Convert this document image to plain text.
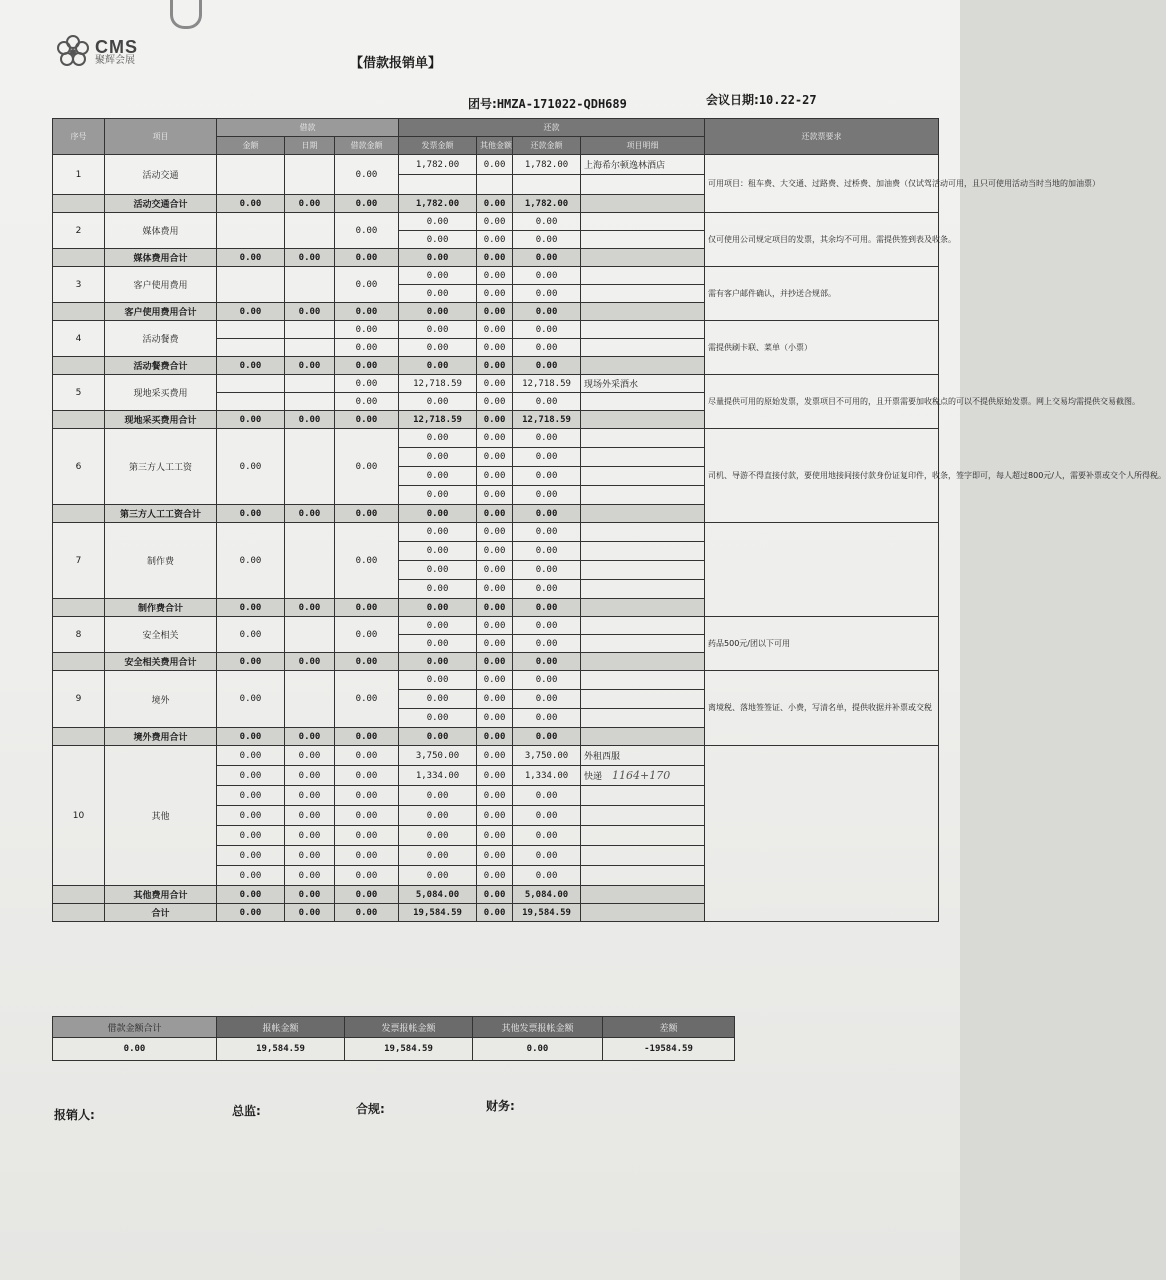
CMS
聚辉会展	【借款报销单】
团号:HMZA-171022-QDH689	会议日期:10.22-27
序号	项目	借款			还款				还款票要求
		金额	日期	借款金额	发票金额	其他金额	还款金额	项目明细	
1	活动交通			0.00	1,782.00	0.00	1,782.00	上海希尔顿逸林酒店	可用项目：租车费、大交通、过路费、过桥费、加油费（仅试驾活动可用，且只可使用活动当时当地的加油票）

	活动交通合计	0.00	0.00	0.00	1,782.00	0.00	1,782.00		
2	媒体费用			0.00	0.00	0.00	0.00		仅可使用公司规定项目的发票，其余均不可用。需提供签到表及收条。
					0.00	0.00	0.00		
	媒体费用合计	0.00	0.00	0.00	0.00	0.00	0.00		
3	客户使用费用			0.00	0.00	0.00	0.00		需有客户邮件确认，并抄送合规部。
					0.00	0.00	0.00		
	客户使用费用合计	0.00	0.00	0.00	0.00	0.00	0.00		
4	活动餐费			0.00	0.00	0.00	0.00		需提供刷卡联、菜单（小票）
				0.00	0.00	0.00	0.00		
	活动餐费合计	0.00	0.00	0.00	0.00	0.00	0.00		
5	现地采买费用			0.00	12,718.59	0.00	12,718.59	现场外采酒水	尽量提供可用的原始发票，发票项目不可用的，且开票需要加收税点的可以不提供原始发票。网上交易均需提供交易截图。
				0.00	0.00	0.00	0.00		
	现地采买费用合计	0.00	0.00	0.00	12,718.59	0.00	12,718.59		
6	第三方人工工资	0.00		0.00	0.00	0.00	0.00		司机、导游不得直接付款，要使用地接间接付款身份证复印件，收条，签字即可，每人超过800元/人，需要补票或交个人所得税。
					0.00	0.00	0.00		
					0.00	0.00	0.00		
					0.00	0.00	0.00		
	第三方人工工资合计	0.00	0.00	0.00	0.00	0.00	0.00		
7	制作费	0.00		0.00	0.00	0.00	0.00		
					0.00	0.00	0.00		
					0.00	0.00	0.00		
					0.00	0.00	0.00		
	制作费合计	0.00	0.00	0.00	0.00	0.00	0.00		
8	安全相关	0.00		0.00	0.00	0.00	0.00		药品500元/团以下可用
					0.00	0.00	0.00		
	安全相关费用合计	0.00	0.00	0.00	0.00	0.00	0.00		
9	境外	0.00		0.00	0.00	0.00	0.00		离境税、落地签签证、小费，写清名单，提供收据并补票或交税
					0.00	0.00	0.00		
					0.00	0.00	0.00		
	境外费用合计	0.00	0.00	0.00	0.00	0.00	0.00		
10	其他	0.00	0.00	0.00	3,750.00	0.00	3,750.00	外租西服	
		0.00	0.00	0.00	1,334.00	0.00	1,334.00	快递 1164+170	
		0.00	0.00	0.00	0.00	0.00	0.00		
		0.00	0.00	0.00	0.00	0.00	0.00		
		0.00	0.00	0.00	0.00	0.00	0.00		
		0.00	0.00	0.00	0.00	0.00	0.00		
		0.00	0.00	0.00	0.00	0.00	0.00		
	其他费用合计	0.00	0.00	0.00	5,084.00	0.00	5,084.00		
	合计	0.00	0.00	0.00	19,584.59	0.00	19,584.59		
借款金额合计	报帐金额	发票报帐金额	其他发票报帐金额	差额
0.00	19,584.59	19,584.59	0.00	-19584.59
报销人:	总监:	合规:	财务:
